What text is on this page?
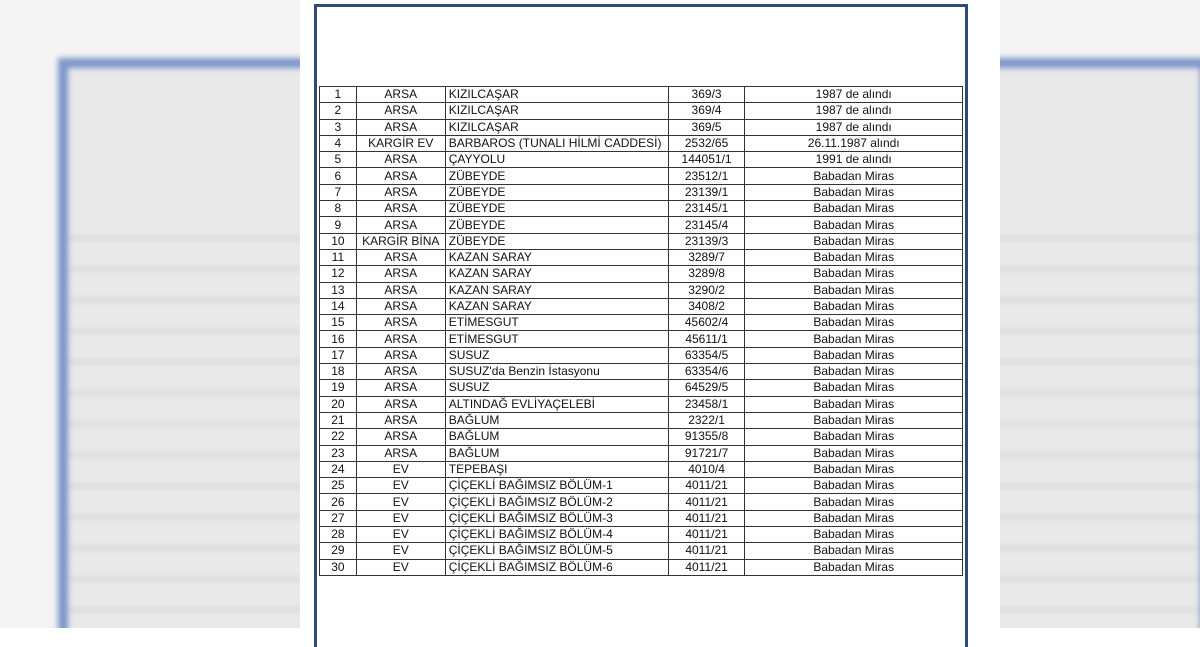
1	ARSA	KIZILCAŞAR	369/3	1987 de alındı
2	ARSA	KIZILCAŞAR	369/4	1987 de alındı
3	ARSA	KIZILCAŞAR	369/5	1987 de alındı
4	KARGİR EV	BARBAROS (TUNALI HİLMİ CADDESİ)	2532/65	26.11.1987 alındı
5	ARSA	ÇAYYOLU	144051/1	1991 de alındı
6	ARSA	ZÜBEYDE	23512/1	Babadan Miras
7	ARSA	ZÜBEYDE	23139/1	Babadan Miras
8	ARSA	ZÜBEYDE	23145/1	Babadan Miras
9	ARSA	ZÜBEYDE	23145/4	Babadan Miras
10	KARGİR BİNA	ZÜBEYDE	23139/3	Babadan Miras
11	ARSA	KAZAN SARAY	3289/7	Babadan Miras
12	ARSA	KAZAN SARAY	3289/8	Babadan Miras
13	ARSA	KAZAN SARAY	3290/2	Babadan Miras
14	ARSA	KAZAN SARAY	3408/2	Babadan Miras
15	ARSA	ETİMESGUT	45602/4	Babadan Miras
16	ARSA	ETİMESGUT	45611/1	Babadan Miras
17	ARSA	SUSUZ	63354/5	Babadan Miras
18	ARSA	SUSUZ'da Benzin İstasyonu	63354/6	Babadan Miras
19	ARSA	SUSUZ	64529/5	Babadan Miras
20	ARSA	ALTINDAĞ EVLİYAÇELEBİ	23458/1	Babadan Miras
21	ARSA	BAĞLUM	2322/1	Babadan Miras
22	ARSA	BAĞLUM	91355/8	Babadan Miras
23	ARSA	BAĞLUM	91721/7	Babadan Miras
24	EV	TEPEBAŞI	4010/4	Babadan Miras
25	EV	ÇİÇEKLİ BAĞIMSIZ BÖLÜM-1	4011/21	Babadan Miras
26	EV	ÇİÇEKLİ BAĞIMSIZ BÖLÜM-2	4011/21	Babadan Miras
27	EV	ÇİÇEKLİ BAĞIMSIZ BÖLÜM-3	4011/21	Babadan Miras
28	EV	ÇİÇEKLİ BAĞIMSIZ BÖLÜM-4	4011/21	Babadan Miras
29	EV	ÇİÇEKLİ BAĞIMSIZ BÖLÜM-5	4011/21	Babadan Miras
30	EV	ÇİÇEKLİ BAĞIMSIZ BÖLÜM-6	4011/21	Babadan Miras
